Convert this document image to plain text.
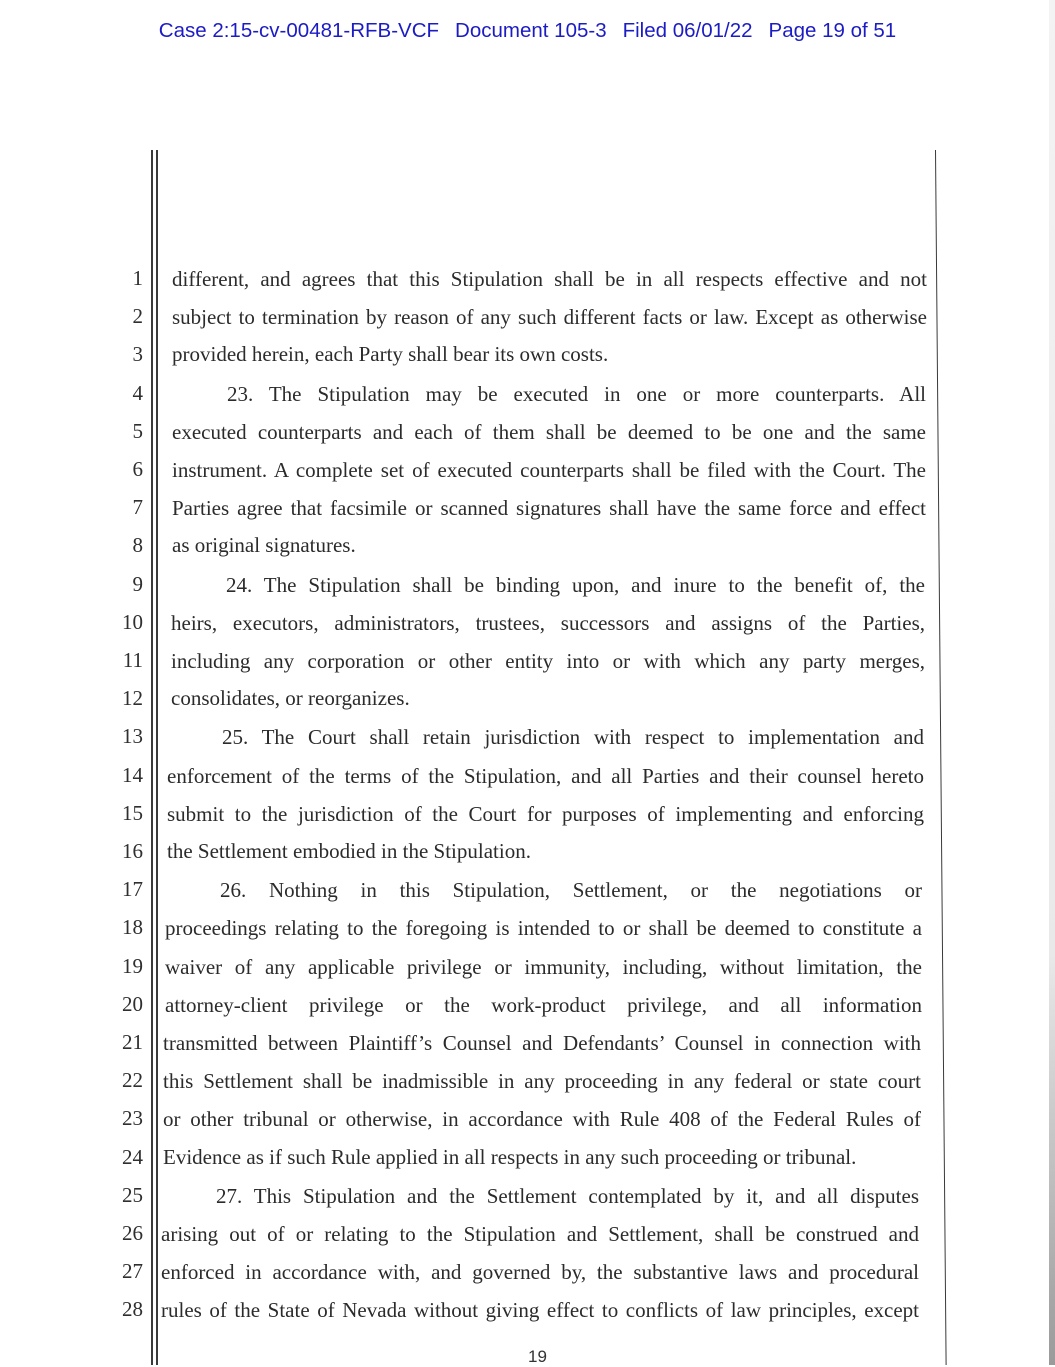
Case 2:15-cv-00481-RFB-VCF Document 105-3 Filed 06/01/22 Page 19 of 51
1 different, and agrees that this Stipulation shall be in all respects effective and not
2 subject to termination by reason of any such different facts or law. Except as otherwise
3 provided herein, each Party shall bear its own costs.
4	23. The Stipulation may be executed in one or more counterparts. All
5 executed counterparts and each of them shall be deemed to be one and the same
6 instrument. A complete set of executed counterparts shall be filed with the Court. The
7 Parties agree that facsimile or scanned signatures shall have the same force and effect
8 as original signatures.
9	24. The Stipulation shall be binding upon, and inure to the benefit of, the
10 heirs, executors, administrators, trustees, successors and assigns of the Parties,
11 including any corporation or other entity into or with which any party merges,
12 consolidates, or reorganizes.
13	25. The Court shall retain jurisdiction with respect to implementation and
14 enforcement of the terms of the Stipulation, and all Parties and their counsel hereto
15 submit to the jurisdiction of the Court for purposes of implementing and enforcing
16 the Settlement embodied in the Stipulation.
17	26. Nothing in this Stipulation, Settlement, or the negotiations or
18 proceedings relating to the foregoing is intended to or shall be deemed to constitute a
19 waiver of any applicable privilege or immunity, including, without limitation, the
20 attorney-client privilege or the work-product privilege, and all information
21 transmitted between Plaintiff’s Counsel and Defendants’ Counsel in connection with
22 this Settlement shall be inadmissible in any proceeding in any federal or state court
23 or other tribunal or otherwise, in accordance with Rule 408 of the Federal Rules of
24 Evidence as if such Rule applied in all respects in any such proceeding or tribunal.
25	27. This Stipulation and the Settlement contemplated by it, and all disputes
26 arising out of or relating to the Stipulation and Settlement, shall be construed and
27 enforced in accordance with, and governed by, the substantive laws and procedural
28 rules of the State of Nevada without giving effect to conflicts of law principles, except
19
